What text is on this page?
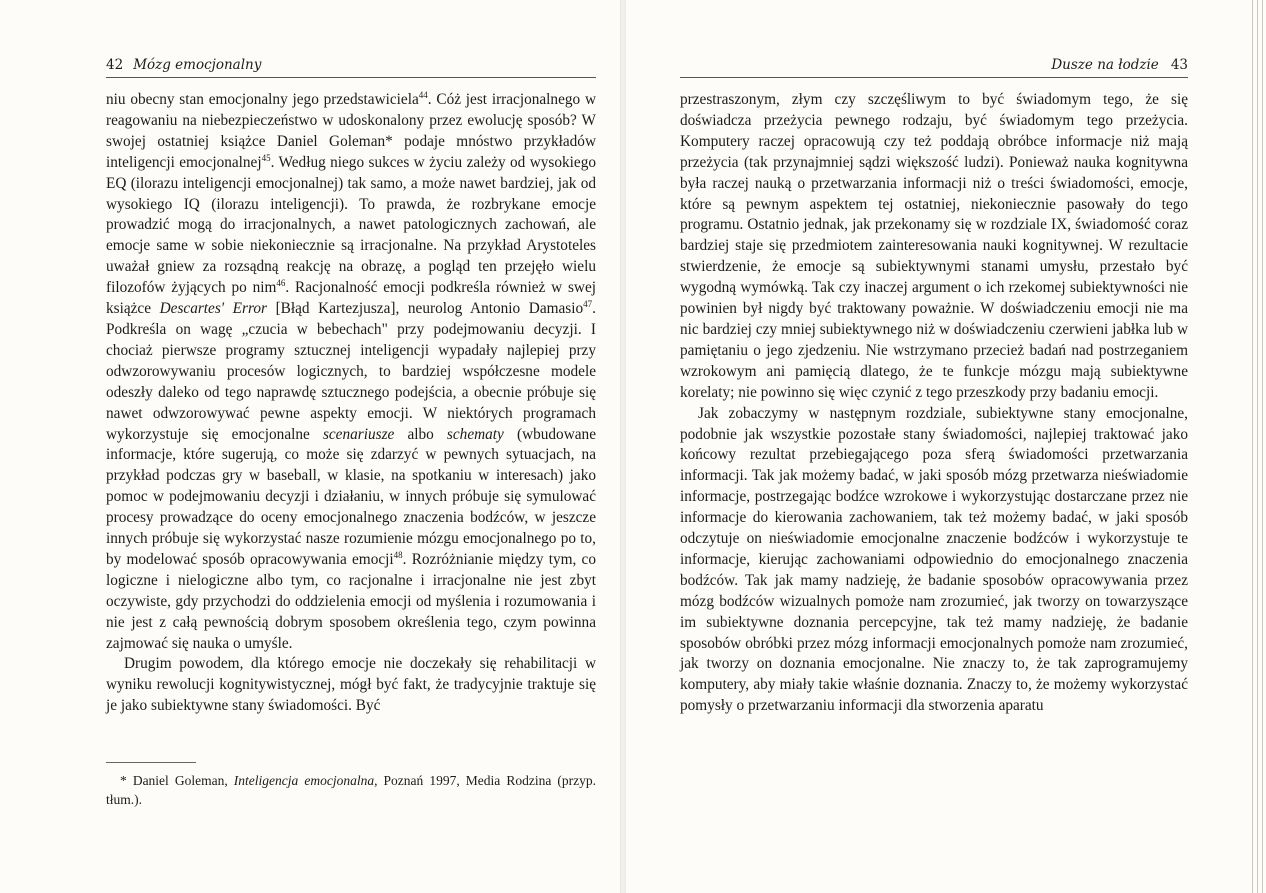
42 Mózg emocjonalny

niu obecny stan emocjonalny jego przedstawiciela$^{44}$. Cóż jest irracjonalnego w reagowaniu na niebezpieczeństwo w udoskonalony przez ewolucję sposób? W swojej ostatniej książce Daniel Goleman* podaje mnóstwo przykładów inteligencji emocjonalnej$^{45}$. Według niego sukces w życiu zależy od wysokiego EQ (ilorazu inteligencji emocjonalnej) tak samo, a może nawet bardziej, jak od wysokiego IQ (ilorazu inteligencji). To prawda, że rozbrykane emocje prowadzić mogą do irracjonalnych, a nawet patologicznych zachowań, ale emocje same w sobie niekoniecznie są irracjonalne. Na przykład Arystoteles uważał gniew za rozsądną reakcję na obrazę, a pogląd ten przejęło wielu filozofów żyjących po nim$^{46}$. Racjonalność emocji podkreśla również w swej książce Descartes' Error [Błąd Kartezjusza], neurolog Antonio Damasio$^{47}$. Podkreśla on wagę „czucia w bebechach" przy podejmowaniu decyzji. I chociaż pierwsze programy sztucznej inteligencji wypadały najlepiej przy odwzorowywaniu procesów logicznych, to bardziej współczesne modele odeszły daleko od tego naprawdę sztucznego podejścia, a obecnie próbuje się nawet odwzorowywać pewne aspekty emocji. W niektórych programach wykorzystuje się emocjonalne scenariusze albo schematy (wbudowane informacje, które sugerują, co może się zdarzyć w pewnych sytuacjach, na przykład podczas gry w baseball, w klasie, na spotkaniu w interesach) jako pomoc w podejmowaniu decyzji i działaniu, w innych próbuje się symulować procesy prowadzące do oceny emocjonalnego znaczenia bodźców, w jeszcze innych próbuje się wykorzystać nasze rozumienie mózgu emocjonalnego po to, by modelować sposób opracowywania emocji$^{48}$. Rozróżnianie między tym, co logiczne i nielogiczne albo tym, co racjonalne i irracjonalne nie jest zbyt oczywiste, gdy przychodzi do oddzielenia emocji od myślenia i rozumowania i nie jest z całą pewnością dobrym sposobem określenia tego, czym powinna zajmować się nauka o umyśle.

Drugim powodem, dla którego emocje nie doczekały się rehabilitacji w wyniku rewolucji kognitywistycznej, mógł być fakt, że tradycyjnie traktuje się je jako subiektywne stany świadomości. Być

* Daniel Goleman, Inteligencja emocjonalna, Poznań 1997, Media Rodzina (przyp. tłum.).
Dusze na łodzie 43

przestraszonym, złym czy szczęśliwym to być świadomym tego, że się doświadcza przeżycia pewnego rodzaju, być świadomym tego przeżycia. Komputery raczej opracowują czy też poddają obróbce informacje niż mają przeżycia (tak przynajmniej sądzi większość ludzi). Ponieważ nauka kognitywna była raczej nauką o przetwarzania informacji niż o treści świadomości, emocje, które są pewnym aspektem tej ostatniej, niekoniecznie pasowały do tego programu. Ostatnio jednak, jak przekonamy się w rozdziale IX, świadomość coraz bardziej staje się przedmiotem zainteresowania nauki kognitywnej. W rezultacie stwierdzenie, że emocje są subiektywnymi stanami umysłu, przestało być wygodną wymówką. Tak czy inaczej argument o ich rzekomej subiektywności nie powinien był nigdy być traktowany poważnie. W doświadczeniu emocji nie ma nic bardziej czy mniej subiektywnego niż w doświadczeniu czerwieni jabłka lub w pamiętaniu o jego zjedzeniu. Nie wstrzymano przecież badań nad postrzeganiem wzrokowym ani pamięcią dlatego, że te funkcje mózgu mają subiektywne korelaty; nie powinno się więc czynić z tego przeszkody przy badaniu emocji.

Jak zobaczymy w następnym rozdziale, subiektywne stany emocjonalne, podobnie jak wszystkie pozostałe stany świadomości, najlepiej traktować jako końcowy rezultat przebiegającego poza sferą świadomości przetwarzania informacji. Tak jak możemy badać, w jaki sposób mózg przetwarza nieświadomie informacje, postrzegając bodźce wzrokowe i wykorzystując dostarczane przez nie informacje do kierowania zachowaniem, tak też możemy badać, w jaki sposób odczytuje on nieświadomie emocjonalne znaczenie bodźców i wykorzystuje te informacje, kierując zachowaniami odpowiednio do emocjonalnego znaczenia bodźców. Tak jak mamy nadzieję, że badanie sposobów opracowywania przez mózg bodźców wizualnych pomoże nam zrozumieć, jak tworzy on towarzyszące im subiektywne doznania percepcyjne, tak też mamy nadzieję, że badanie sposobów obróbki przez mózg informacji emocjonalnych pomoże nam zrozumieć, jak tworzy on doznania emocjonalne. Nie znaczy to, że tak zaprogramujemy komputery, aby miały takie właśnie doznania. Znaczy to, że możemy wykorzystać pomysły o przetwarzaniu informacji dla stworzenia aparatu
